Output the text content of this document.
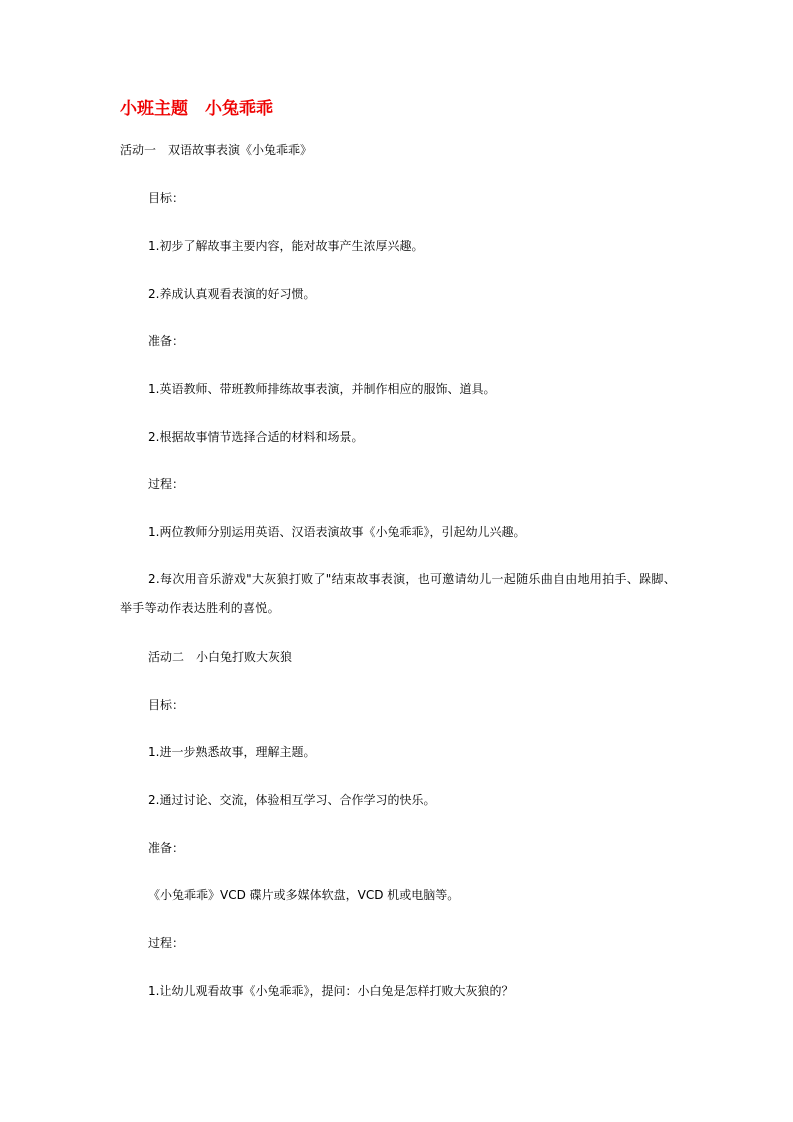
小班主题　小兔乖乖
活动一　双语故事表演《小兔乖乖》
目标：
1.初步了解故事主要内容，能对故事产生浓厚兴趣。
2.养成认真观看表演的好习惯。
准备：
1.英语教师、带班教师排练故事表演，并制作相应的服饰、道具。
2.根据故事情节选择合适的材料和场景。
过程：
1.两位教师分别运用英语、汉语表演故事《小兔乖乖》，引起幼儿兴趣。
2.每次用音乐游戏"大灰狼打败了"结束故事表演，也可邀请幼儿一起随乐曲自由地用拍手、跺脚、举手等动作表达胜利的喜悦。
活动二　小白兔打败大灰狼
目标：
1.进一步熟悉故事，理解主题。
2.通过讨论、交流，体验相互学习、合作学习的快乐。
准备：
《小兔乖乖》VCD 碟片或多媒体软盘，VCD 机或电脑等。
过程：
1.让幼儿观看故事《小兔乖乖》，提问：小白兔是怎样打败大灰狼的？
